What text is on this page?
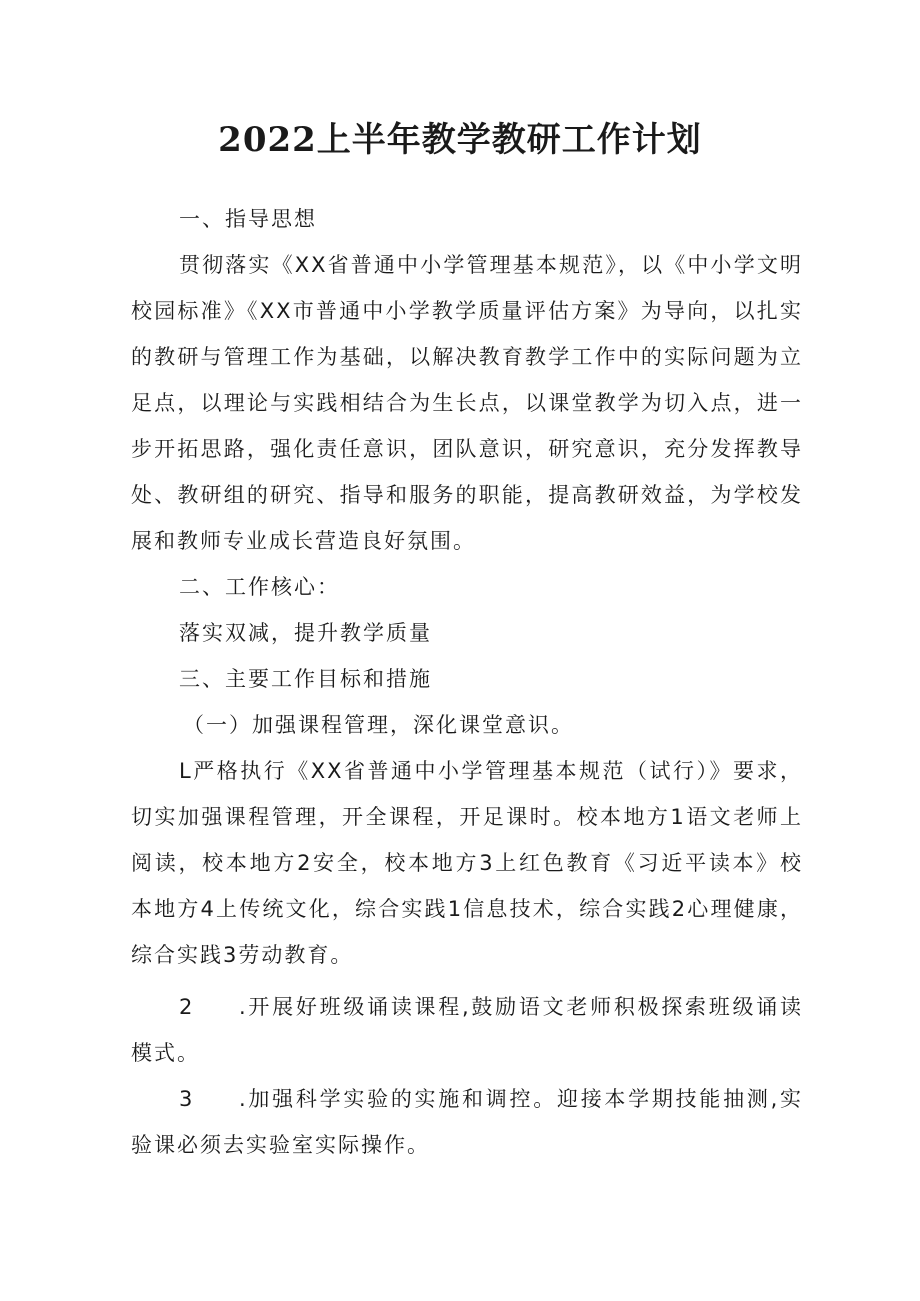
2022上半年教学教研工作计划

一、指导思想

贯彻落实《XX省普通中小学管理基本规范》，以《中小学文明校园标准》《XX市普通中小学教学质量评估方案》为导向，以扎实的教研与管理工作为基础，以解决教育教学工作中的实际问题为立足点，以理论与实践相结合为生长点，以课堂教学为切入点，进一步开拓思路，强化责任意识，团队意识，研究意识，充分发挥教导处、教研组的研究、指导和服务的职能，提高教研效益，为学校发展和教师专业成长营造良好氛围。

二、工作核心：

落实双减，提升教学质量

三、主要工作目标和措施

（一）加强课程管理，深化课堂意识。

L严格执行《XX省普通中小学管理基本规范（试行）》要求，切实加强课程管理，开全课程，开足课时。校本地方1语文老师上阅读，校本地方2安全，校本地方3上红色教育《习近平读本》校本地方4上传统文化，综合实践1信息技术，综合实践2心理健康，综合实践3劳动教育。

2 .开展好班级诵读课程,鼓励语文老师积极探索班级诵读模式。

3 .加强科学实验的实施和调控。迎接本学期技能抽测,实验课必须去实验室实际操作。
